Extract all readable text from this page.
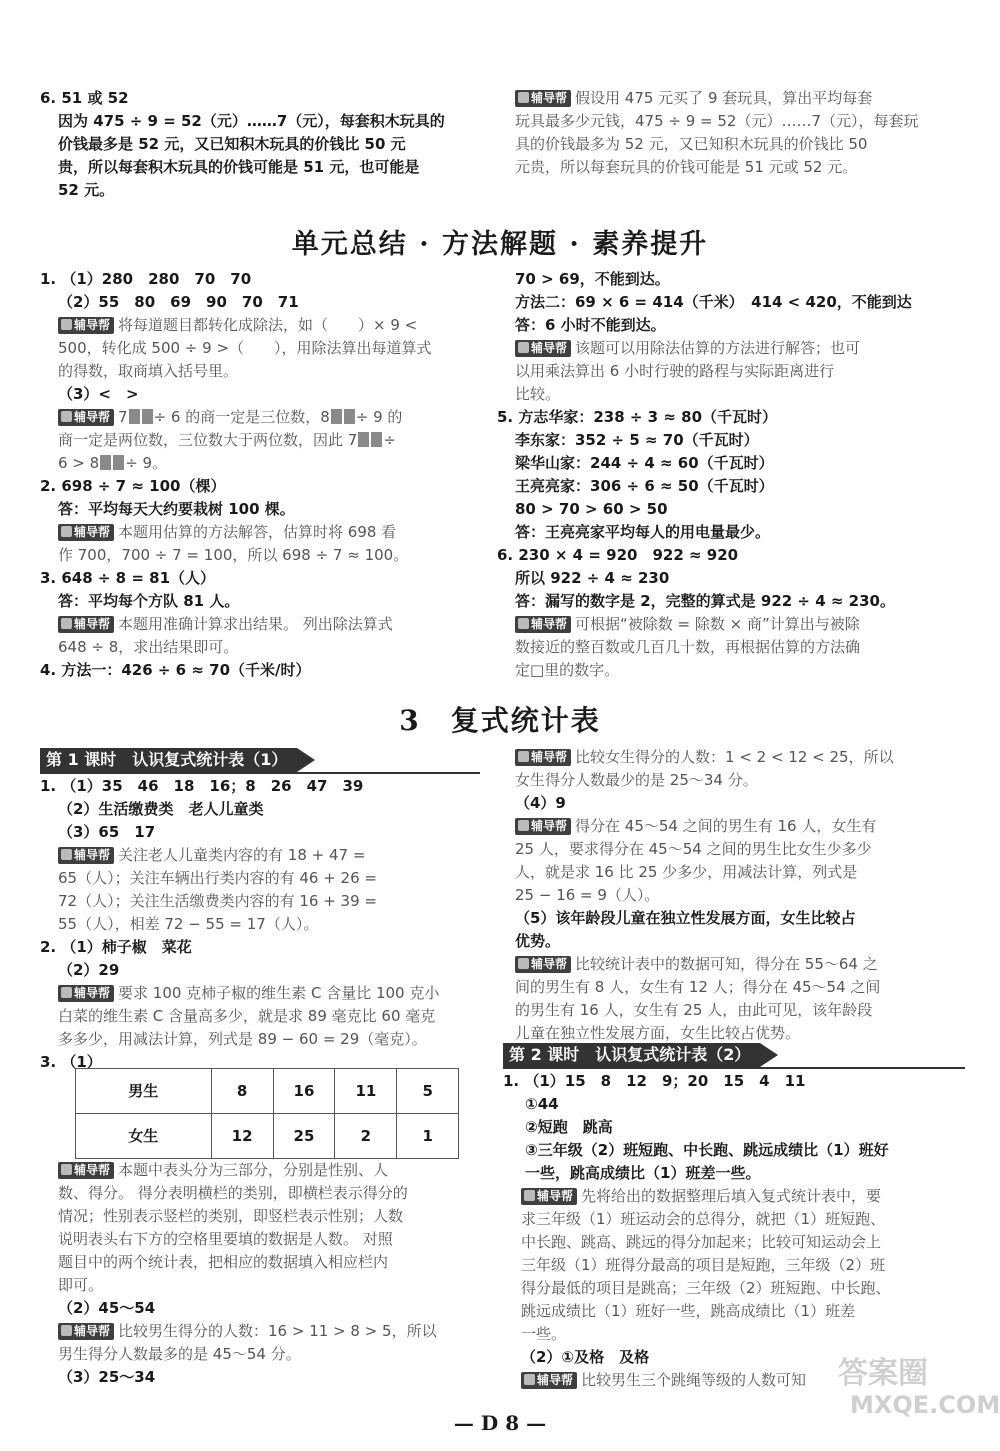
6. 51 或 52
因为 475 ÷ 9 = 52（元）……7（元），每套积木玩具的
价钱最多是 52 元，又已知积木玩具的价钱比 50 元
贵，所以每套积木玩具的价钱可能是 51 元，也可能是
52 元。
辅导帮 假设用 475 元买了 9 套玩具，算出平均每套
玩具最多少元钱，475 ÷ 9 = 52（元）……7（元），每套玩
具的价钱最多为 52 元，又已知积木玩具的价钱比 50
元贵，所以每套玩具的价钱可能是 51 元或 52 元。
单元总结 · 方法解题 · 素养提升
1. （1）280　280　70　70
（2）55　80　69　90　70　71
辅导帮 将每道题目都转化成除法，如（　　）× 9 <
500，转化成 500 ÷ 9 >（　　），用除法算出每道算式
的得数，取商填入括号里。
（3）<　>
辅导帮 7 ÷ 6 的商一定是三位数，8 ÷ 9 的
商一定是两位数，三位数大于两位数，因此 7 ÷
6 > 8 ÷ 9。
2. 698 ÷ 7 ≈ 100（棵）
答：平均每天大约要栽树 100 棵。
辅导帮 本题用估算的方法解答，估算时将 698 看
作 700，700 ÷ 7 = 100，所以 698 ÷ 7 ≈ 100。
3. 648 ÷ 8 = 81（人）
答：平均每个方队 81 人。
辅导帮 本题用准确计算求出结果。 列出除法算式
648 ÷ 8，求出结果即可。
4. 方法一：426 ÷ 6 ≈ 70（千米/时）
70 > 69，不能到达。
方法二：69 × 6 = 414（千米）　414 < 420，不能到达
答：6 小时不能到达。
辅导帮 该题可以用除法估算的方法进行解答；也可
以用乘法算出 6 小时行驶的路程与实际距离进行
比较。
5. 方志华家：238 ÷ 3 ≈ 80（千瓦时）
李东家：352 ÷ 5 ≈ 70（千瓦时）
梁华山家：244 ÷ 4 ≈ 60（千瓦时）
王亮亮家：306 ÷ 6 ≈ 50（千瓦时）
80 > 70 > 60 > 50
答：王亮亮家平均每人的用电量最少。
6. 230 × 4 = 920　922 ≈ 920
所以 922 ÷ 4 ≈ 230
答：漏写的数字是 2，完整的算式是 922 ÷ 4 ≈ 230。
辅导帮 可根据“被除数 = 除数 × 商”计算出与被除
数接近的整百数或几百几十数，再根据估算的方法确
定□里的数字。
3　复式统计表
第 1 课时　认识复式统计表（1）
1. （1）35　46　18　16；8　26　47　39
（2）生活缴费类　老人儿童类
（3）65　17
辅导帮 关注老人儿童类内容的有 18 + 47 =
65（人）；关注车辆出行类内容的有 46 + 26 =
72（人）；关注生活缴费类内容的有 16 + 39 =
55（人），相差 72 − 55 = 17（人）。
2. （1）柿子椒　菜花
（2）29
辅导帮 要求 100 克柿子椒的维生素 C 含量比 100 克小
白菜的维生素 C 含量高多少，就是求 89 毫克比 60 毫克
多多少，用减法计算，列式是 89 − 60 = 29（毫克）。
3. （1）
男生	8	16	11	5
女生	12	25	2	1
辅导帮 本题中表头分为三部分，分别是性别、人
数、得分。 得分表明横栏的类别，即横栏表示得分的
情况；性别表示竖栏的类别，即竖栏表示性别；人数
说明表头右下方的空格里要填的数据是人数。 对照
题目中的两个统计表，把相应的数据填入相应栏内
即可。
（2）45～54
辅导帮 比较男生得分的人数：16 > 11 > 8 > 5，所以
男生得分人数最多的是 45～54 分。
（3）25～34
辅导帮 比较女生得分的人数：1 < 2 < 12 < 25，所以
女生得分人数最少的是 25～34 分。
（4）9
辅导帮 得分在 45～54 之间的男生有 16 人，女生有
25 人，要求得分在 45～54 之间的男生比女生少多少
人，就是求 16 比 25 少多少，用减法计算，列式是
25 − 16 = 9（人）。
（5）该年龄段儿童在独立性发展方面，女生比较占
优势。
辅导帮 比较统计表中的数据可知，得分在 55～64 之
间的男生有 8 人，女生有 12 人；得分在 45～54 之间
的男生有 16 人，女生有 25 人，由此可见，该年龄段
儿童在独立性发展方面，女生比较占优势。
第 2 课时　认识复式统计表（2）
1. （1）15　8　12　9；20　15　4　11
①44
②短跑　跳高
③三年级（2）班短跑、中长跑、跳远成绩比（1）班好
一些，跳高成绩比（1）班差一些。
辅导帮 先将给出的数据整理后填入复式统计表中，要
求三年级（1）班运动会的总得分，就把（1）班短跑、
中长跑、跳高、跳远的得分加起来；比较可知运动会上
三年级（1）班得分最高的项目是短跑，三年级（2）班
得分最低的项目是跳高；三年级（2）班短跑、中长跑、
跳远成绩比（1）班好一些，跳高成绩比（1）班差
一些。
（2）①及格　及格
辅导帮 比较男生三个跳绳等级的人数可知	答案圈
MXQE.COM
— D 8 —
